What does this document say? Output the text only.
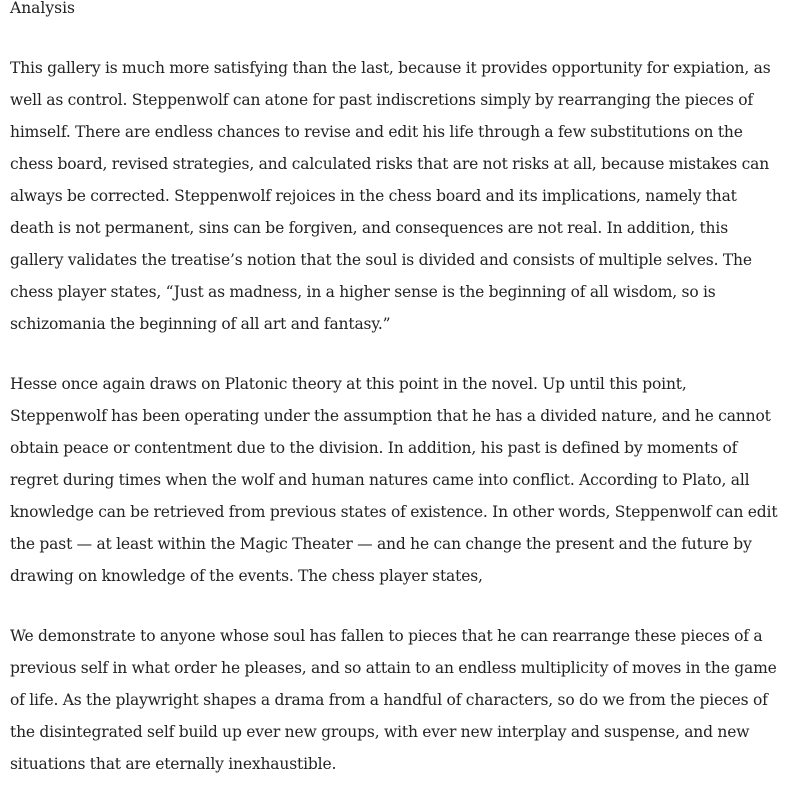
Analysis

This gallery is much more satisfying than the last, because it provides opportunity for expiation, as well as control. Steppenwolf can atone for past indiscretions simply by rearranging the pieces of himself. There are endless chances to revise and edit his life through a few substitutions on the chess board, revised strategies, and calculated risks that are not risks at all, because mistakes can always be corrected. Steppenwolf rejoices in the chess board and its implications, namely that death is not permanent, sins can be forgiven, and consequences are not real. In addition, this gallery validates the treatise’s notion that the soul is divided and consists of multiple selves. The chess player states, “Just as madness, in a higher sense is the beginning of all wisdom, so is schizomania the beginning of all art and fantasy.”

Hesse once again draws on Platonic theory at this point in the novel. Up until this point, Steppenwolf has been operating under the assumption that he has a divided nature, and he cannot obtain peace or contentment due to the division. In addition, his past is defined by moments of regret during times when the wolf and human natures came into conflict. According to Plato, all knowledge can be retrieved from previous states of existence. In other words, Steppenwolf can edit the past — at least within the Magic Theater — and he can change the present and the future by drawing on knowledge of the events. The chess player states,

We demonstrate to anyone whose soul has fallen to pieces that he can rearrange these pieces of a previous self in what order he pleases, and so attain to an endless multiplicity of moves in the game of life. As the playwright shapes a drama from a handful of characters, so do we from the pieces of the disintegrated self build up ever new groups, with ever new interplay and suspense, and new situations that are eternally inexhaustible.
